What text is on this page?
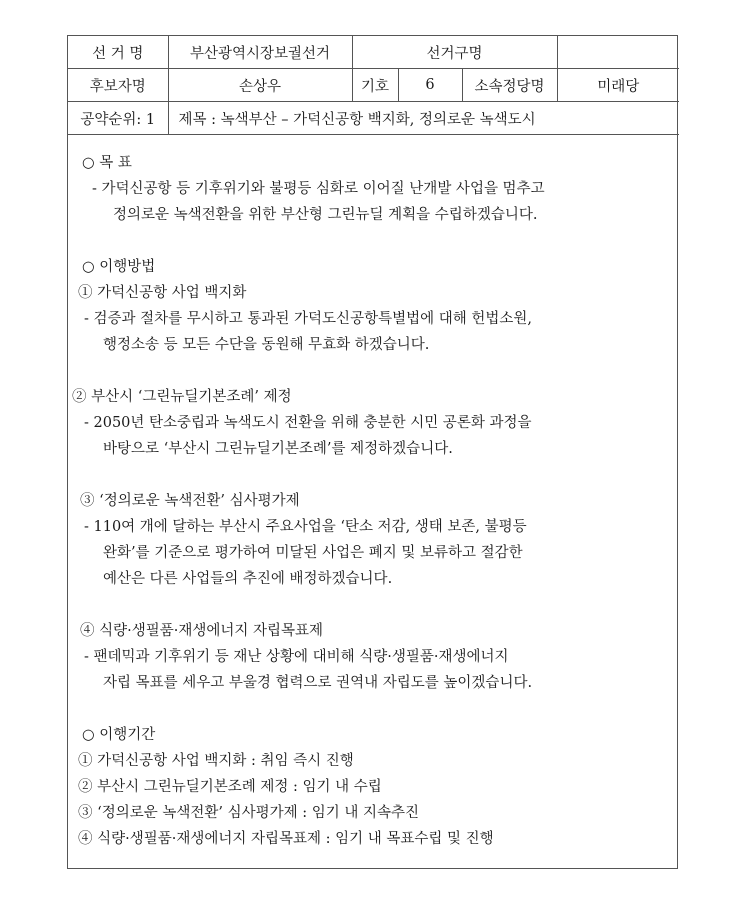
선 거 명	부산광역시장보궐선거	선거구명			
후보자명	손상우	기호	6	소속정당명	미래당
공약순위: 1	제목 : 녹색부산 – 가덕신공항 백지화, 정의로운 녹색도시				
○ 목 표
- 가덕신공항 등 기후위기와 불평등 심화로 이어질 난개발 사업을 멈추고
정의로운 녹색전환을 위한 부산형 그린뉴딜 계획을 수립하겠습니다.
○ 이행방법
① 가덕신공항 사업 백지화
- 검증과 절차를 무시하고 통과된 가덕도신공항특별법에 대해 헌법소원,
행정소송 등 모든 수단을 동원해 무효화 하겠습니다.
② 부산시 ‘그린뉴딜기본조례’ 제정
- 2050년 탄소중립과 녹색도시 전환을 위해 충분한 시민 공론화 과정을
바탕으로 ‘부산시 그린뉴딜기본조례’를 제정하겠습니다.
③ ‘정의로운 녹색전환’ 심사평가제
- 110여 개에 달하는 부산시 주요사업을 ‘탄소 저감, 생태 보존, 불평등
완화’를 기준으로 평가하여 미달된 사업은 폐지 및 보류하고 절감한
예산은 다른 사업들의 추진에 배정하겠습니다.
④ 식량·생필품·재생에너지 자립목표제
- 팬데믹과 기후위기 등 재난 상황에 대비해 식량·생필품·재생에너지
자립 목표를 세우고 부울경 협력으로 권역내 자립도를 높이겠습니다.
○ 이행기간
① 가덕신공항 사업 백지화 : 취임 즉시 진행
② 부산시 그린뉴딜기본조례 제정 : 임기 내 수립
③ ‘정의로운 녹색전환’ 심사평가제 : 임기 내 지속추진
④ 식량·생필품·재생에너지 자립목표제 : 임기 내 목표수립 및 진행
